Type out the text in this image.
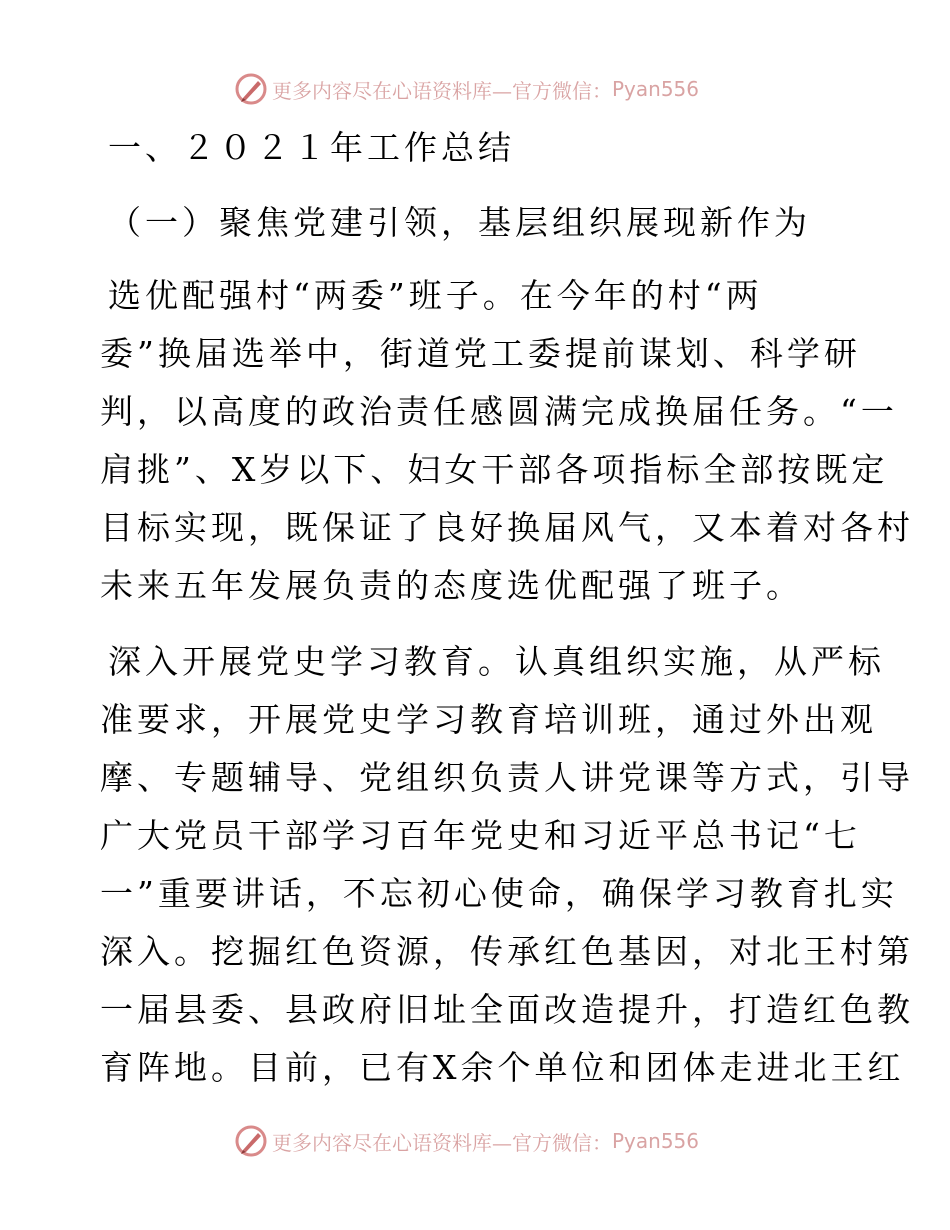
更多内容尽在心语资料库—官方微信： Pyan556
一、２０２１年工作总结
（一）聚焦党建引领，基层组织展现新作为
选优配强村“两委”班子。在今年的村“两
委”换届选举中，街道党工委提前谋划、科学研
判，以高度的政治责任感圆满完成换届任务。“一
肩挑”、X岁以下、妇女干部各项指标全部按既定
目标实现，既保证了良好换届风气，又本着对各村
未来五年发展负责的态度选优配强了班子。
深入开展党史学习教育。认真组织实施，从严标
准要求，开展党史学习教育培训班，通过外出观
摩、专题辅导、党组织负责人讲党课等方式，引导
广大党员干部学习百年党史和习近平总书记“七
一”重要讲话，不忘初心使命，确保学习教育扎实
深入。挖掘红色资源，传承红色基因，对北王村第
一届县委、县政府旧址全面改造提升，打造红色教
育阵地。目前，已有X余个单位和团体走进北王红
更多内容尽在心语资料库—官方微信： Pyan556
